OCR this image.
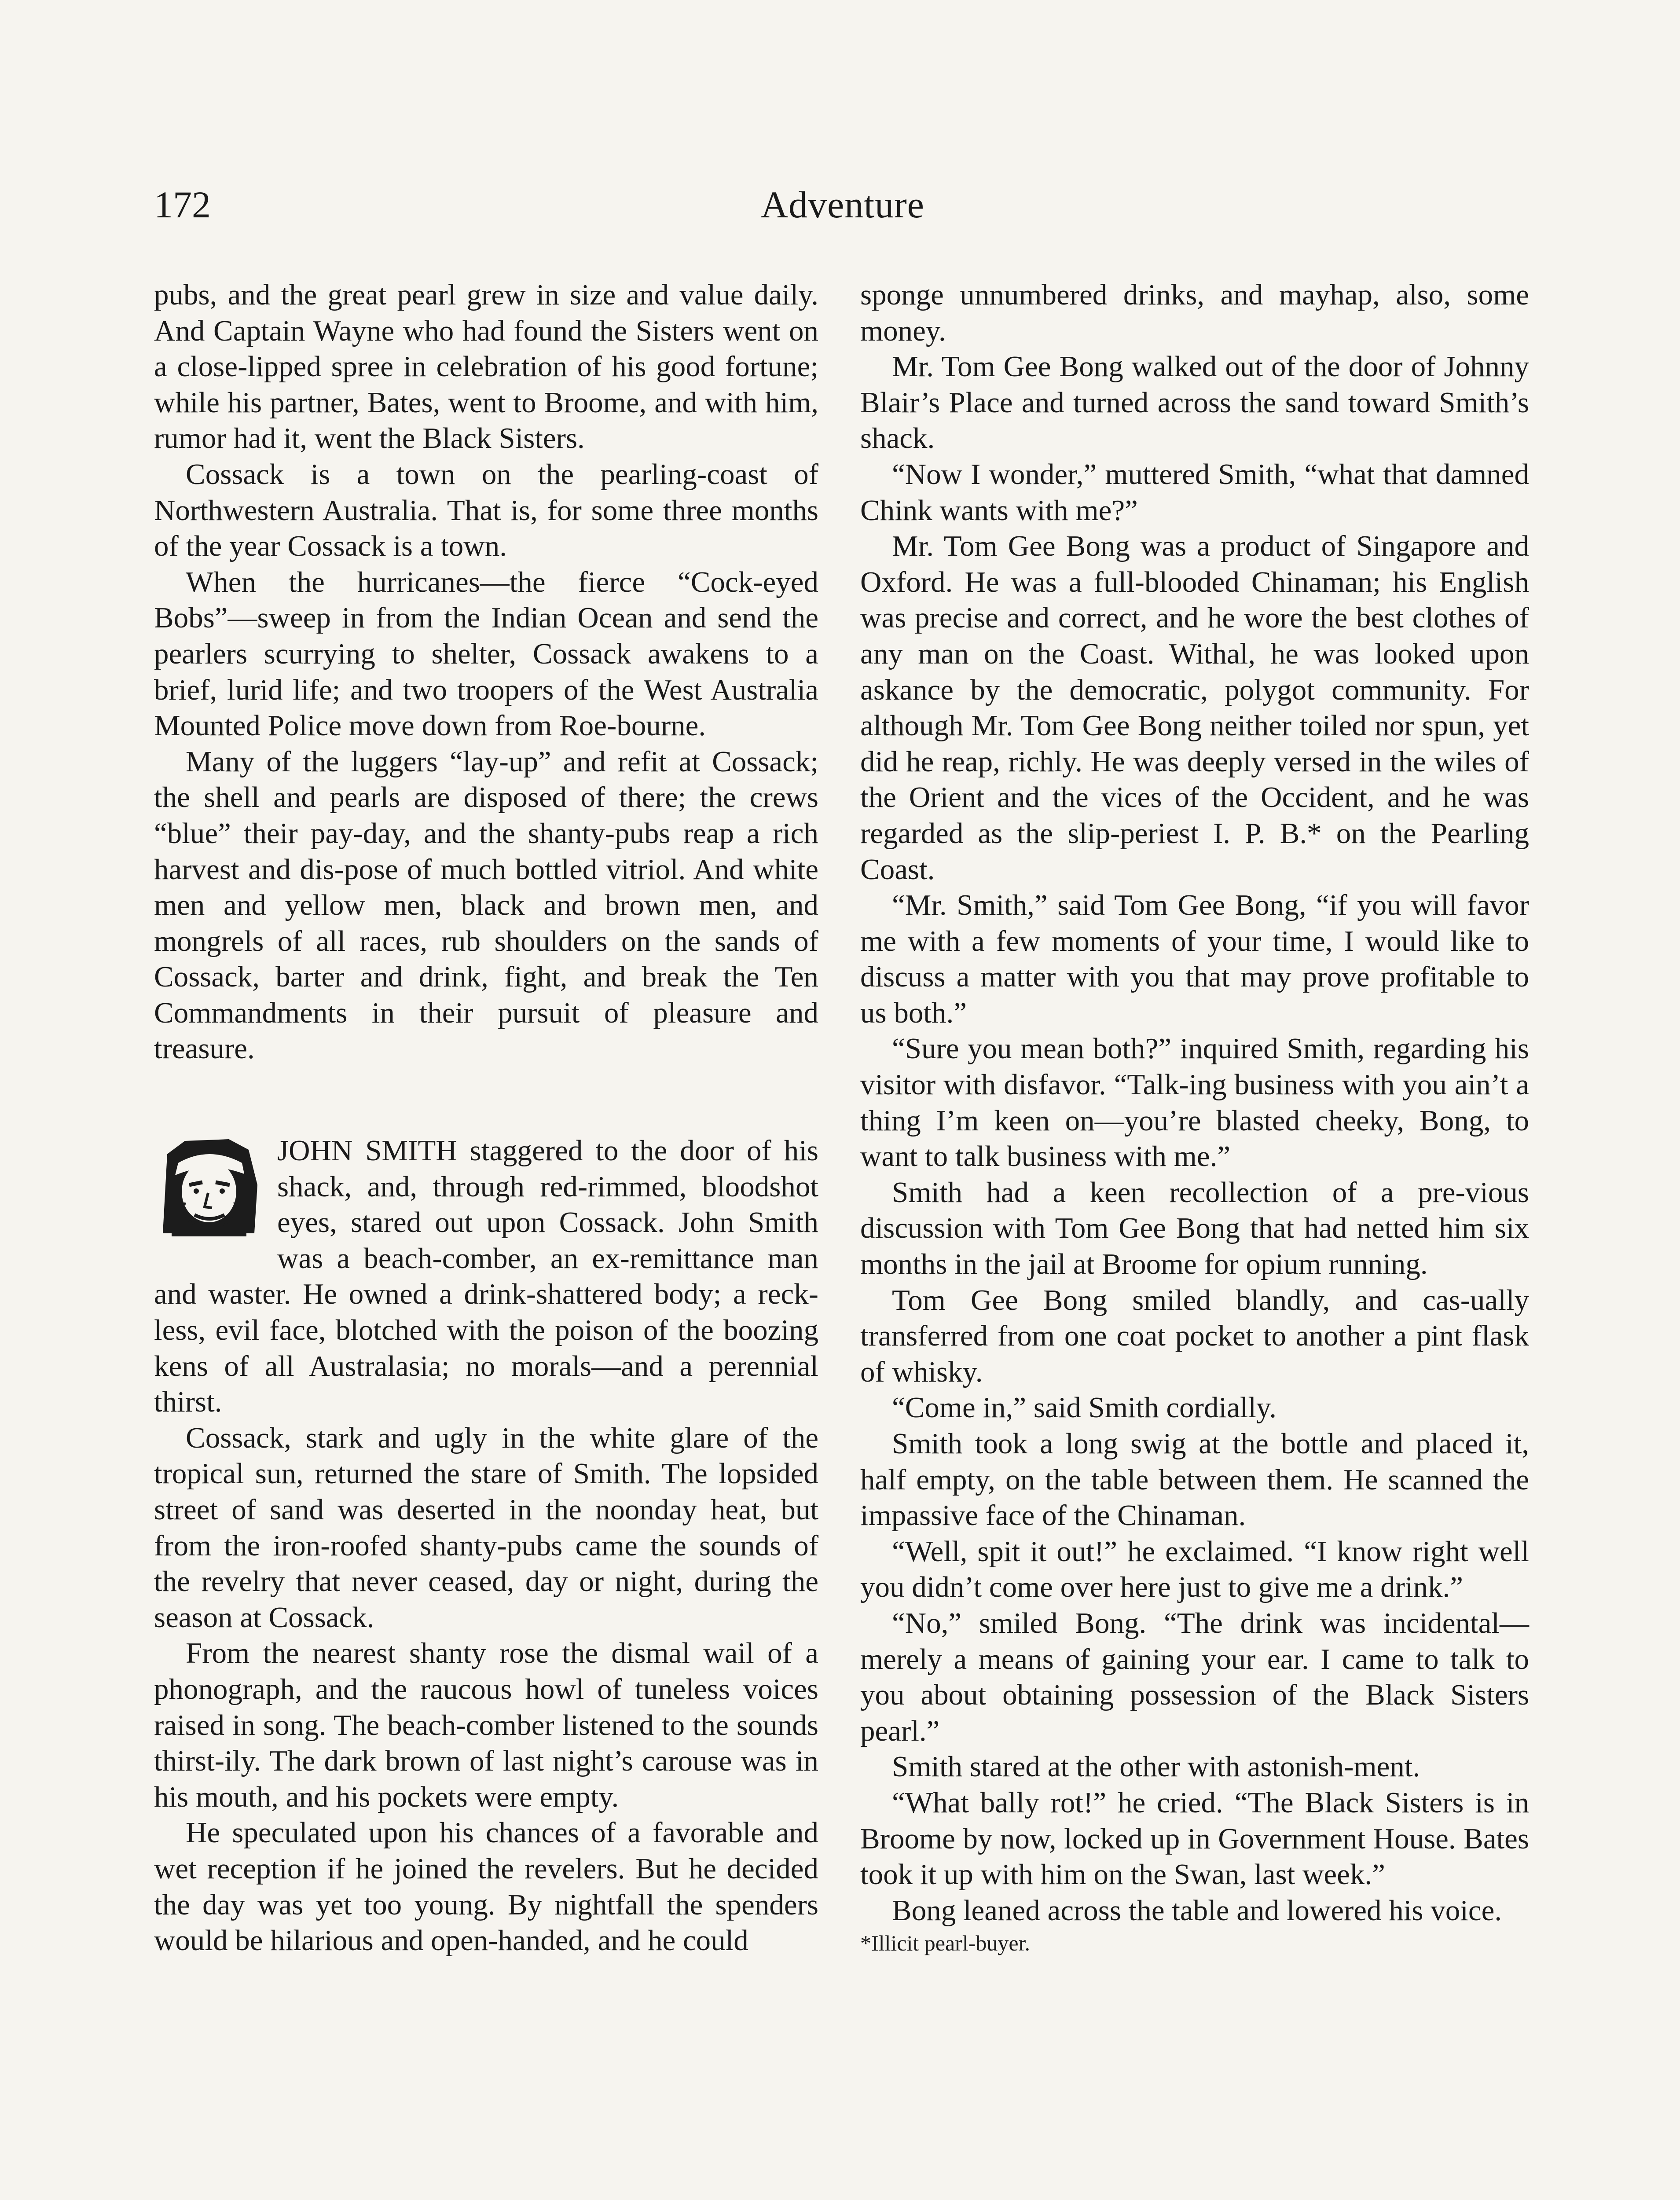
172	Adventure

pubs, and the great pearl grew in size and value daily. And Captain Wayne who had found the Sisters went on a close-lipped spree in celebration of his good fortune; while his partner, Bates, went to Broome, and with him, rumor had it, went the Black Sisters.

Cossack is a town on the pearling-coast of Northwestern Australia. That is, for some three months of the year Cossack is a town.

When the hurricanes—the fierce “Cock-eyed Bobs”—sweep in from the Indian Ocean and send the pearlers scurrying to shelter, Cossack awakens to a brief, lurid life; and two troopers of the West Australia Mounted Police move down from Roe-bourne.

Many of the luggers “lay-up” and refit at Cossack; the shell and pearls are disposed of there; the crews “blue” their pay-day, and the shanty-pubs reap a rich harvest and dis-pose of much bottled vitriol. And white men and yellow men, black and brown men, and mongrels of all races, rub shoulders on the sands of Cossack, barter and drink, fight, and break the Ten Commandments in their pursuit of pleasure and treasure.

JOHN SMITH staggered to the door of his shack, and, through red-rimmed, bloodshot eyes, stared out upon Cossack. John Smith was a beach-comber, an ex-remittance man and waster. He owned a drink-shattered body; a reck-less, evil face, blotched with the poison of the boozing kens of all Australasia; no morals—and a perennial thirst.

Cossack, stark and ugly in the white glare of the tropical sun, returned the stare of Smith. The lopsided street of sand was deserted in the noonday heat, but from the iron-roofed shanty-pubs came the sounds of the revelry that never ceased, day or night, during the season at Cossack.

From the nearest shanty rose the dismal wail of a phonograph, and the raucous howl of tuneless voices raised in song. The beach-comber listened to the sounds thirst-ily. The dark brown of last night’s carouse was in his mouth, and his pockets were empty.

He speculated upon his chances of a favorable and wet reception if he joined the revelers. But he decided the day was yet too young. By nightfall the spenders would be hilarious and open-handed, and he could

sponge unnumbered drinks, and mayhap, also, some money.

Mr. Tom Gee Bong walked out of the door of Johnny Blair’s Place and turned across the sand toward Smith’s shack.

“Now I wonder,” muttered Smith, “what that damned Chink wants with me?”

Mr. Tom Gee Bong was a product of Singapore and Oxford. He was a full-blooded Chinaman; his English was precise and correct, and he wore the best clothes of any man on the Coast. Withal, he was looked upon askance by the democratic, polygot community. For although Mr. Tom Gee Bong neither toiled nor spun, yet did he reap, richly. He was deeply versed in the wiles of the Orient and the vices of the Occident, and he was regarded as the slip-periest I. P. B.* on the Pearling Coast.

“Mr. Smith,” said Tom Gee Bong, “if you will favor me with a few moments of your time, I would like to discuss a matter with you that may prove profitable to us both.”

“Sure you mean both?” inquired Smith, regarding his visitor with disfavor. “Talk-ing business with you ain’t a thing I’m keen on—you’re blasted cheeky, Bong, to want to talk business with me.”

Smith had a keen recollection of a pre-vious discussion with Tom Gee Bong that had netted him six months in the jail at Broome for opium running.

Tom Gee Bong smiled blandly, and cas-ually transferred from one coat pocket to another a pint flask of whisky.

“Come in,” said Smith cordially.

Smith took a long swig at the bottle and placed it, half empty, on the table between them. He scanned the impassive face of the Chinaman.

“Well, spit it out!” he exclaimed. “I know right well you didn’t come over here just to give me a drink.”

“No,” smiled Bong. “The drink was incidental—merely a means of gaining your ear. I came to talk to you about obtaining possession of the Black Sisters pearl.”

Smith stared at the other with astonish-ment.

“What bally rot!” he cried. “The Black Sisters is in Broome by now, locked up in Government House. Bates took it up with him on the Swan, last week.”

Bong leaned across the table and lowered his voice.

*Illicit pearl-buyer.
